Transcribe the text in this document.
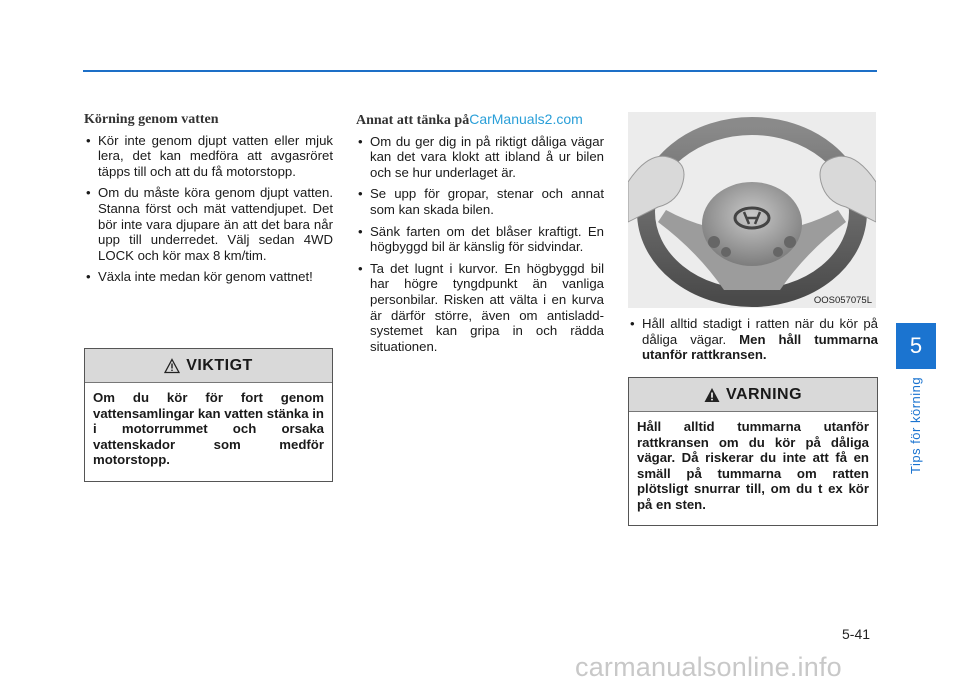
Körning genom vatten
• Kör inte genom djupt vatten eller mjuk lera, det kan medföra att avgasröret täpps till och att du få motorstopp.
• Om du måste köra genom djupt vatten. Stanna först och mät vattendjupet. Det bör inte vara djupare än att det bara når upp till underredet. Välj sedan 4WD LOCK och kör max 8 km/tim.
• Växla inte medan kör genom vattnet!
VIKTIGT
Om du kör för fort genom vattensamlingar kan vatten stänka in i motorrummet och orsaka vattenskador som medför motorstopp.
Annat att tänka påCarManuals2.com
• Om du ger dig in på riktigt dåliga vägar kan det vara klokt att ibland å ur bilen och se hur underlaget är.
• Se upp för gropar, stenar och annat som kan skada bilen.
• Sänk farten om det blåser kraftigt. En högbyggd bil är känslig för sidvindar.
• Ta det lugnt i kurvor. En högbyggd bil har högre tyngdpunkt än vanliga personbilar. Risken att välta i en kurva är därför större, även om antisladd-systemet kan gripa in och rädda situationen.
OOS057075L
• Håll alltid stadigt i ratten när du kör på dåliga vägar. Men håll tummarna utanför rattkransen.
VARNING
Håll alltid tummarna utanför rattkransen om du kör på dåliga vägar. Då riskerar du inte att få en smäll på tummarna om ratten plötsligt snurrar till, om du t ex kör på en sten.
5
Tips för körning
5-41
carmanualsonline.info
